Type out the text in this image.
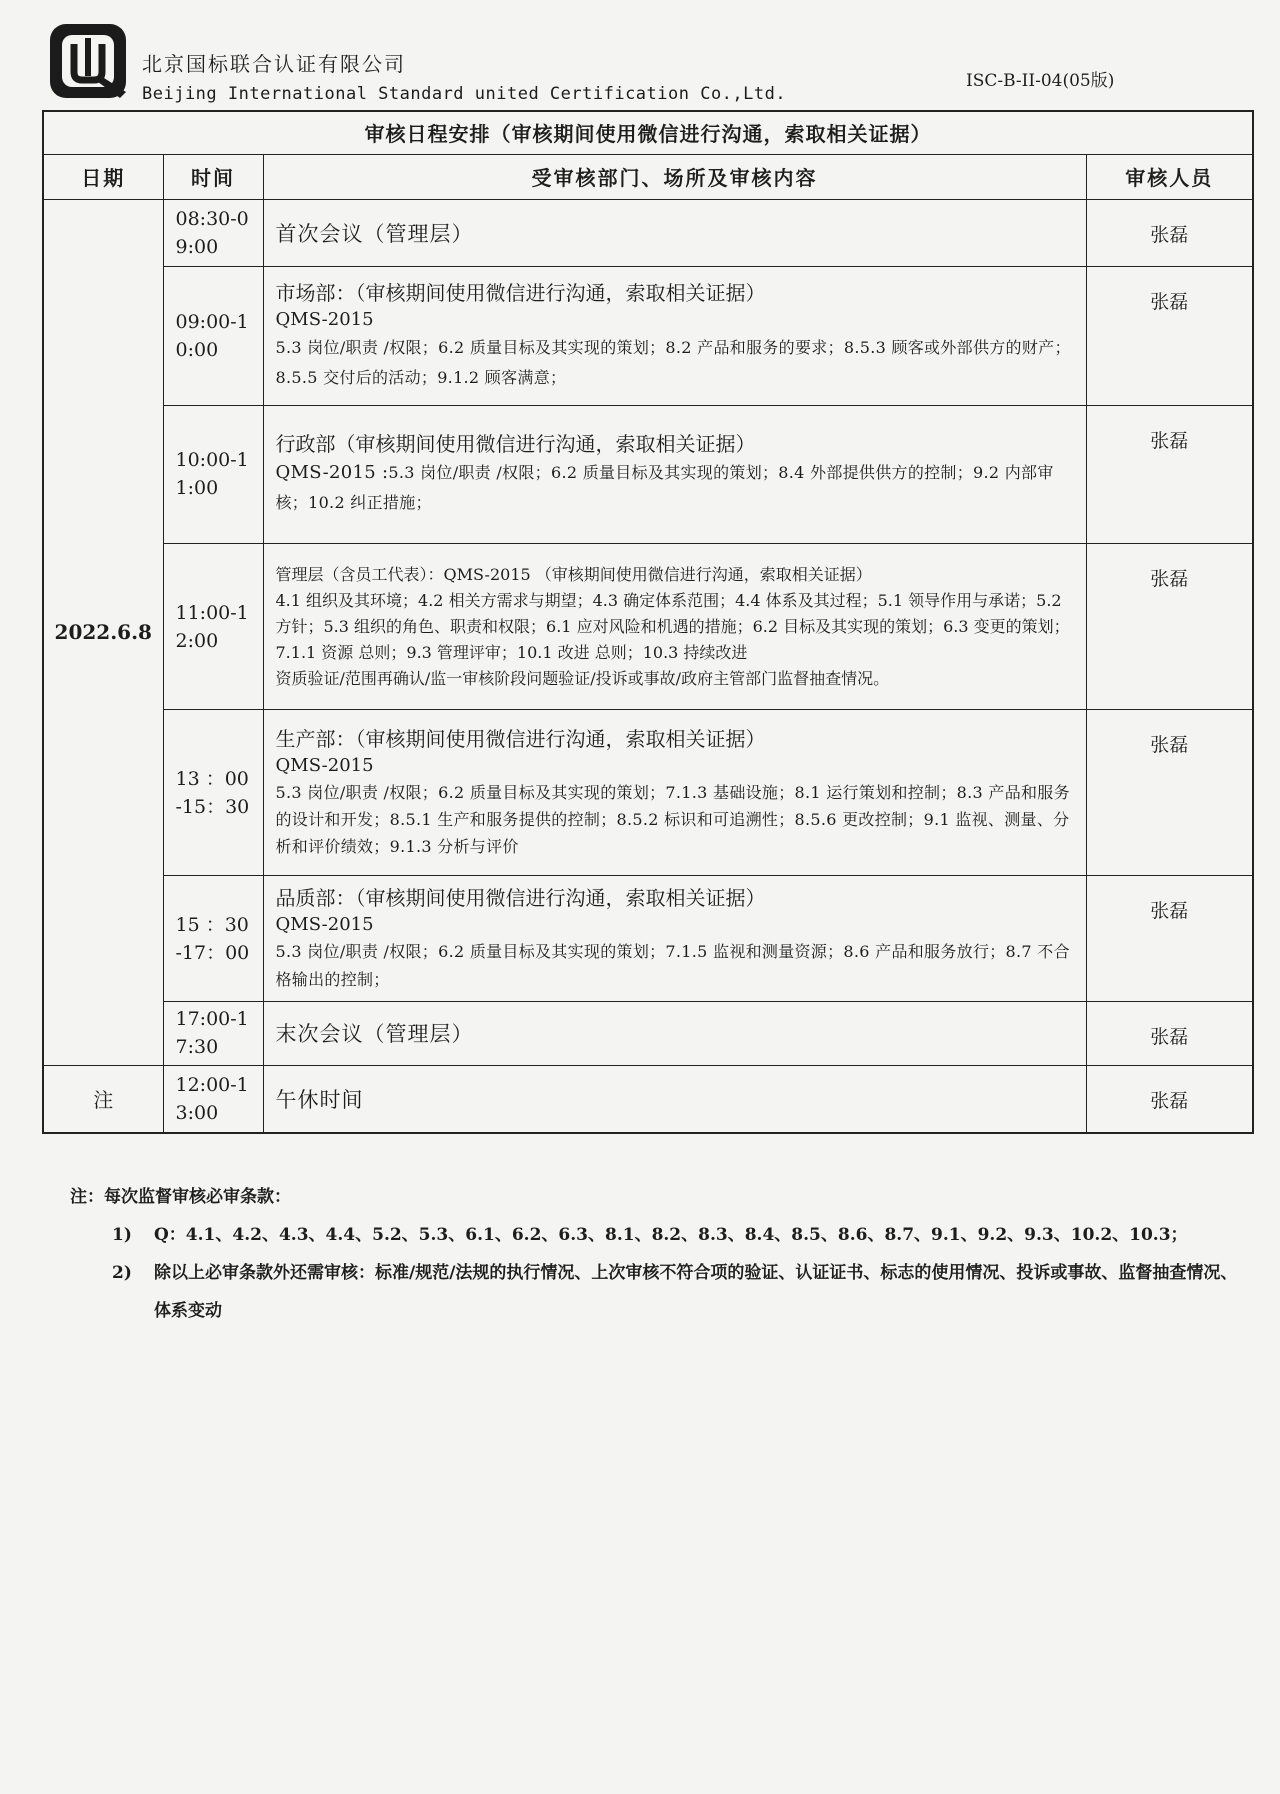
北京国标联合认证有限公司
Beijing International Standard united Certification Co.,Ltd.
ISC-B-II-04(05版)
审核日程安排（审核期间使用微信进行沟通，索取相关证据）			
日期	时间	受审核部门、场所及审核内容	审核人员
2022.6.8	08:30-09:00	首次会议（管理层）	张磊
	09:00-10:00	市场部：（审核期间使用微信进行沟通，索取相关证据）
QMS-2015
5.3 岗位/职责 /权限；6.2 质量目标及其实现的策划；8.2 产品和服务的要求；8.5.3 顾客或外部供方的财产；8.5.5 交付后的活动；9.1.2 顾客满意；	张磊
	10:00-11:00	行政部（审核期间使用微信进行沟通，索取相关证据）
QMS-2015 :5.3 岗位/职责 /权限；6.2 质量目标及其实现的策划；8.4 外部提供供方的控制；9.2 内部审核；10.2 纠正措施；	张磊
	11:00-12:00	管理层（含员工代表）：QMS-2015 （审核期间使用微信进行沟通，索取相关证据）
4.1 组织及其环境；4.2 相关方需求与期望；4.3 确定体系范围；4.4 体系及其过程；5.1 领导作用与承诺；5.2 方针；5.3 组织的角色、职责和权限；6.1 应对风险和机遇的措施；6.2 目标及其实现的策划；6.3 变更的策划；7.1.1 资源 总则；9.3 管理评审；10.1 改进 总则；10.3 持续改进
资质验证/范围再确认/监一审核阶段问题验证/投诉或事故/政府主管部门监督抽查情况。	张磊
	13 ：00-15：30	生产部：（审核期间使用微信进行沟通，索取相关证据）
QMS-2015
5.3 岗位/职责 /权限；6.2 质量目标及其实现的策划；7.1.3 基础设施；8.1 运行策划和控制；8.3 产品和服务的设计和开发；8.5.1 生产和服务提供的控制；8.5.2 标识和可追溯性；8.5.6 更改控制；9.1 监视、测量、分析和评价绩效；9.1.3 分析与评价	张磊
	15 ：30-17：00	品质部：（审核期间使用微信进行沟通，索取相关证据）
QMS-2015
5.3 岗位/职责 /权限；6.2 质量目标及其实现的策划；7.1.5 监视和测量资源；8.6 产品和服务放行；8.7 不合格输出的控制；	张磊
	17:00-17:30	末次会议（管理层）	张磊
注	12:00-13:00	午休时间	张磊
注：每次监督审核必审条款：
1)	Q：4.1、4.2、4.3、4.4、5.2、5.3、6.1、6.2、6.3、8.1、8.2、8.3、8.4、8.5、8.6、8.7、9.1、9.2、9.3、10.2、10.3；
2)	除以上必审条款外还需审核：标准/规范/法规的执行情况、上次审核不符合项的验证、认证证书、标志的使用情况、投诉或事故、监督抽查情况、体系变动
